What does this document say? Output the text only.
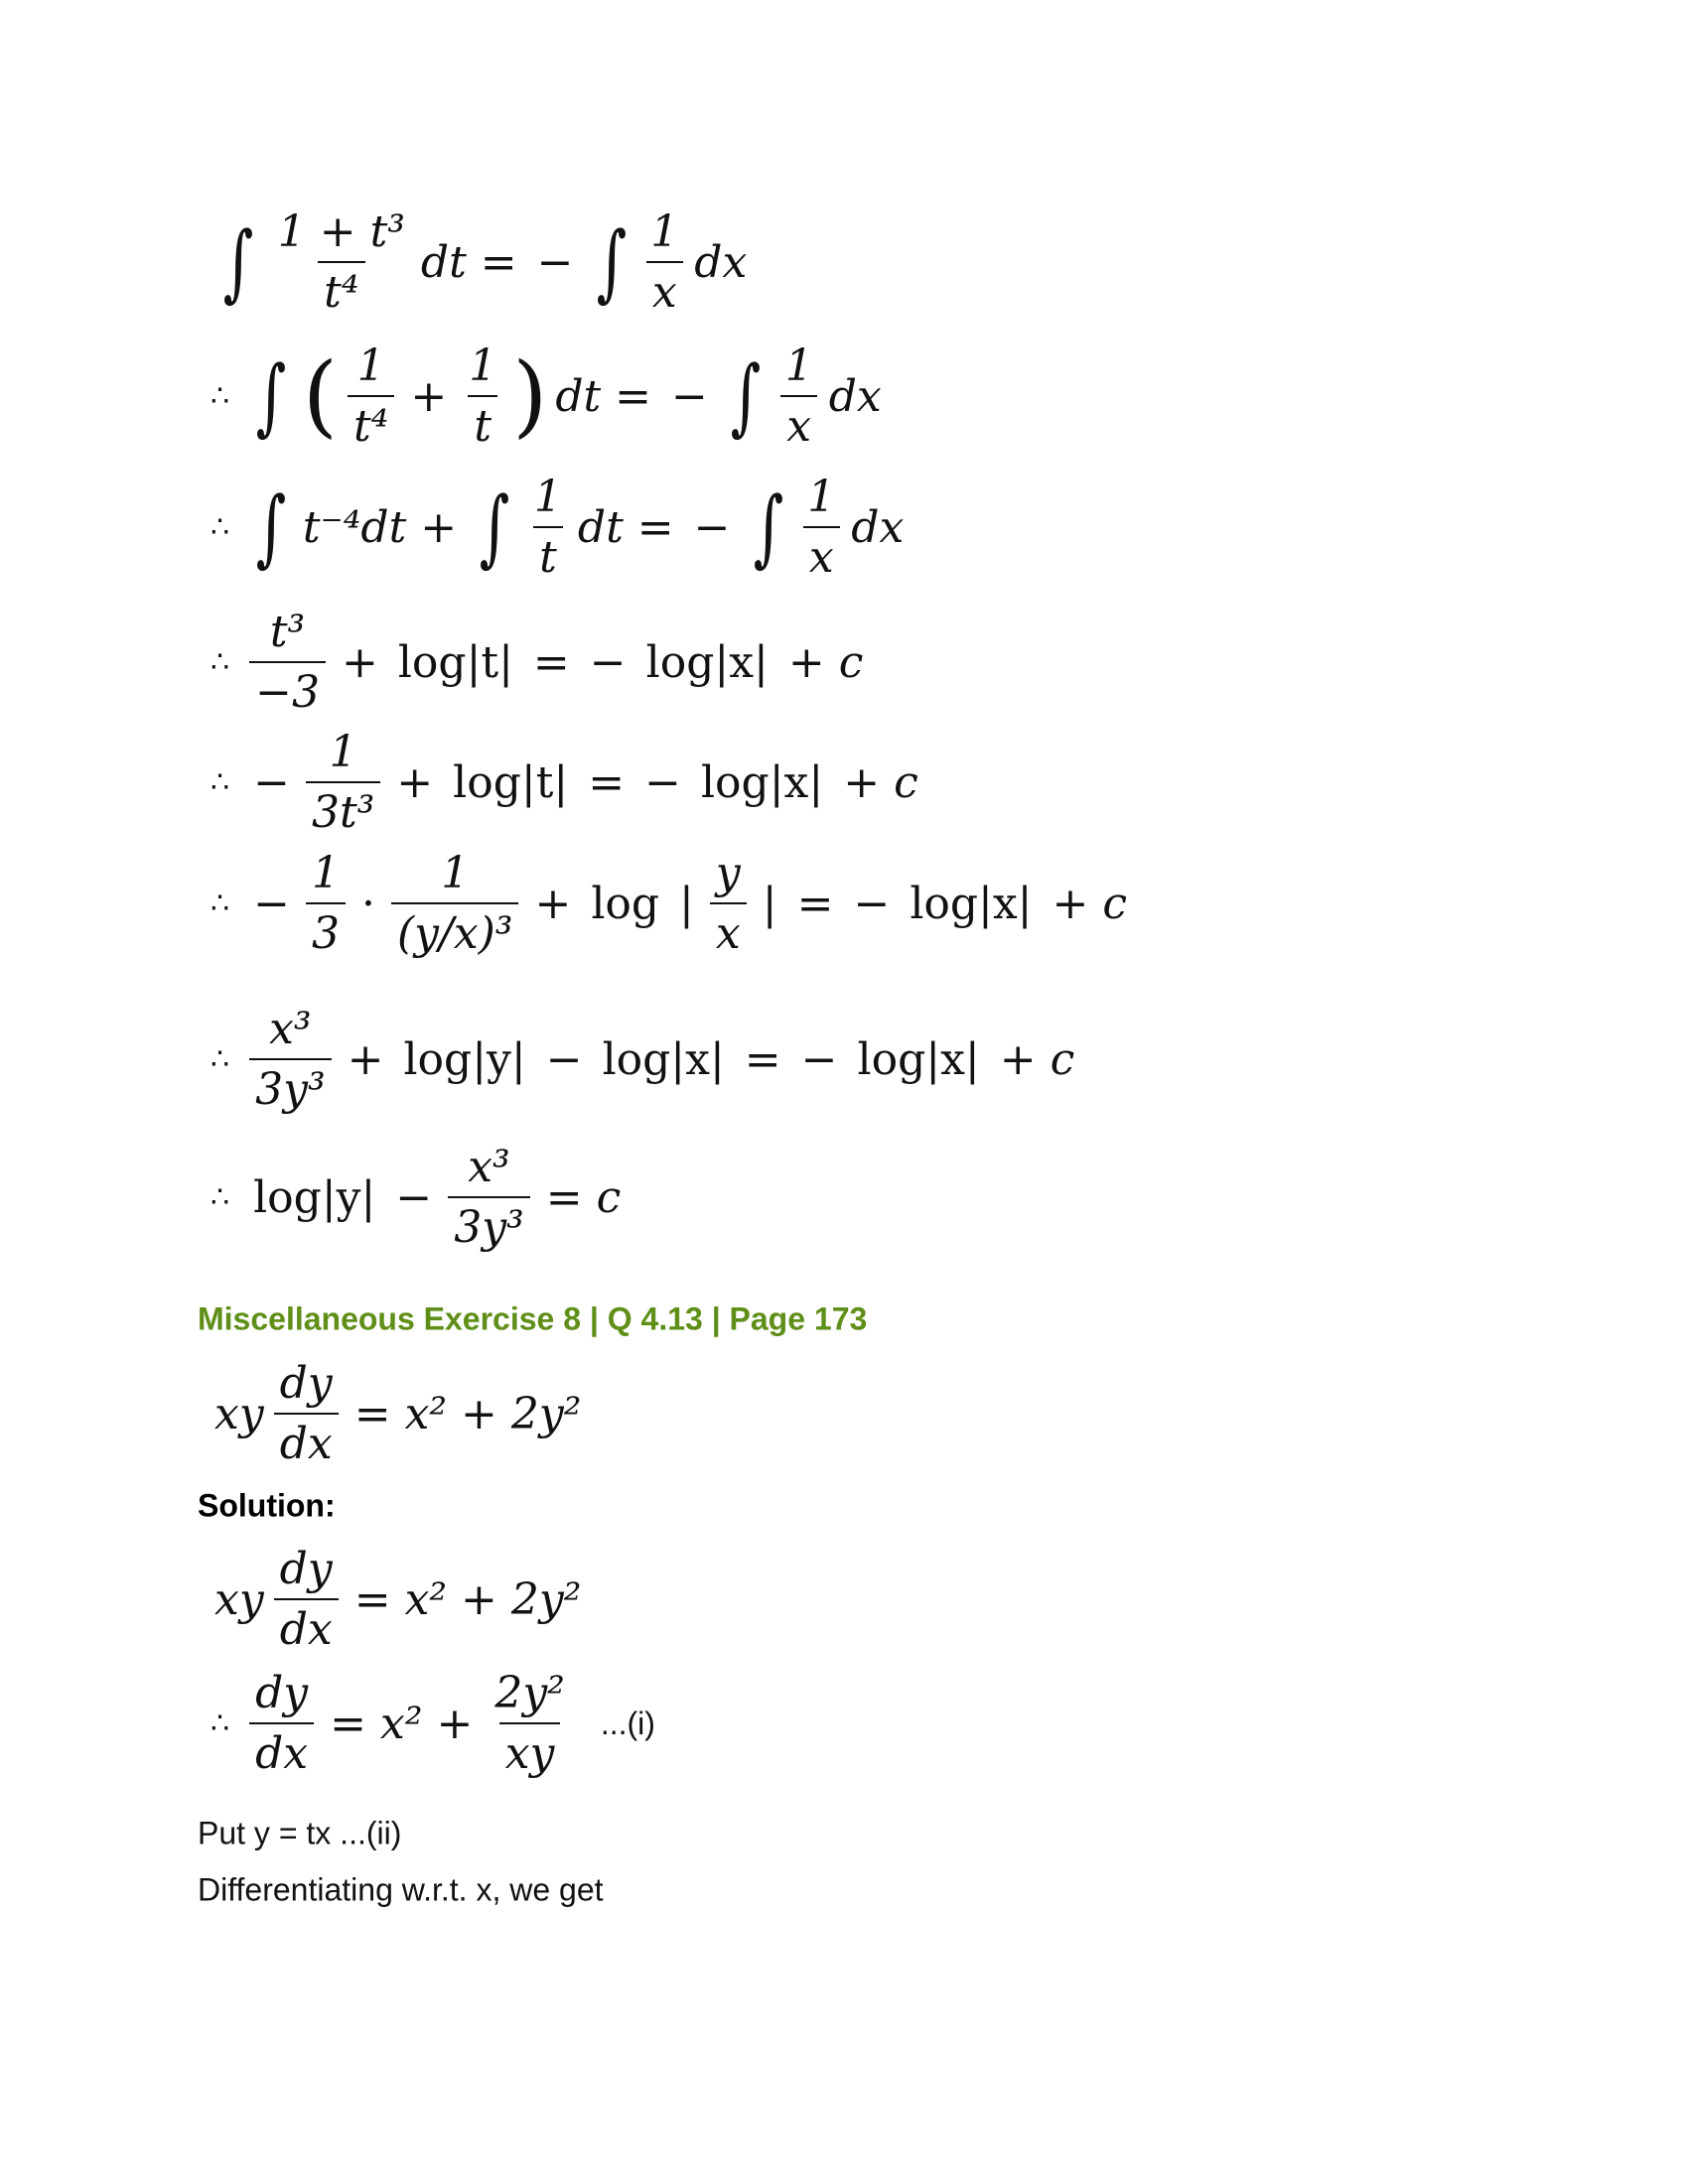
∫ $\frac{\text{1 + t³}}{\text{t⁴}}$ dt = − ∫ $\frac{1}{x}$ dx
∴ ∫ ( $\frac{1}{\text{t⁴}} + \frac{1}{t}$ ) dt = − ∫ $\frac{1}{x}$ dx
∴ ∫ t⁻⁴dt + ∫ $\frac{1}{t}$ dt = − ∫ $\frac{1}{x}$ dx
∴ $\frac{\text{t³}}{-3} + \log|t|$ = − log|x| + c
∴ − $\frac{1}{\text{3t³}} + \log|t|$ = − log|x| + c
∴ − $\frac{1}{3} \cdot \frac{1}{\text{(y/x)³}} + \log$ | $\frac{y}{x}$ | = − log|x| + c
∴ $\frac{\text{x³}}{\text{3y³}} + \log|y| - \log|x|$ = − log|x| + c
∴ $\log|y| - \frac{\text{x³}}{\text{3y³}} = c$
Miscellaneous Exercise 8 | Q 4.13 | Page 173
xy $\frac{dy}{dx} = x^2 + 2y^2$
Solution:
xy $\frac{dy}{dx} = x^2 + 2y^2$
∴ $\frac{dy}{dx} = x^2 + \frac{\text{2y²}}{xy} ...(i)$
Put y = tx ...(ii)
Differentiating w.r.t. x, we get
